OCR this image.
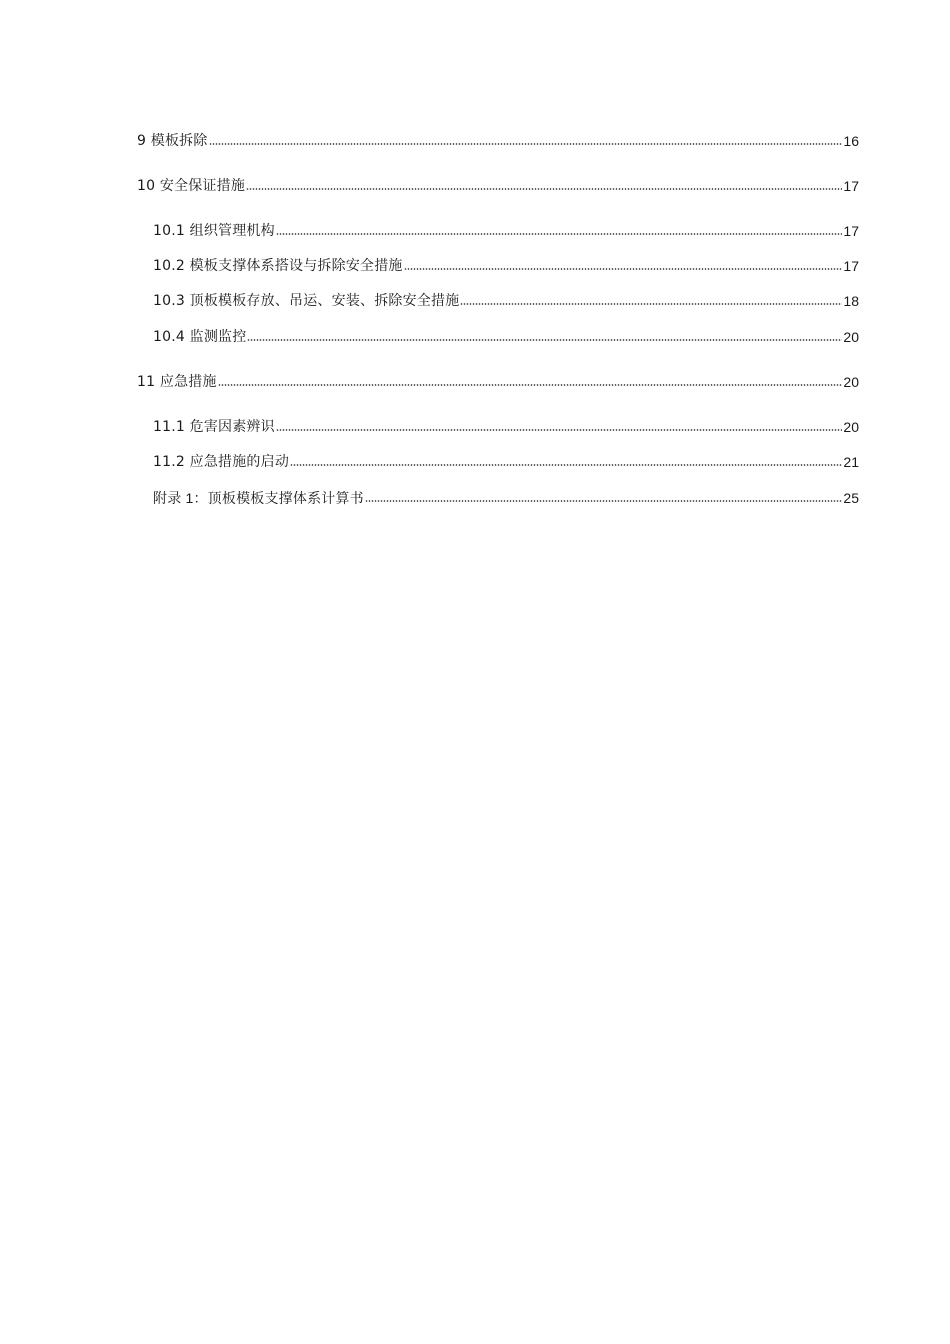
9 模板拆除	16
10 安全保证措施	17
10.1 组织管理机构	17
10.2 模板支撑体系搭设与拆除安全措施	17
10.3 顶板模板存放、吊运、安装、拆除安全措施	18
10.4 监测监控	20
11 应急措施	20
11.1 危害因素辨识	20
11.2 应急措施的启动	21
附录 1：顶板模板支撑体系计算书	25
